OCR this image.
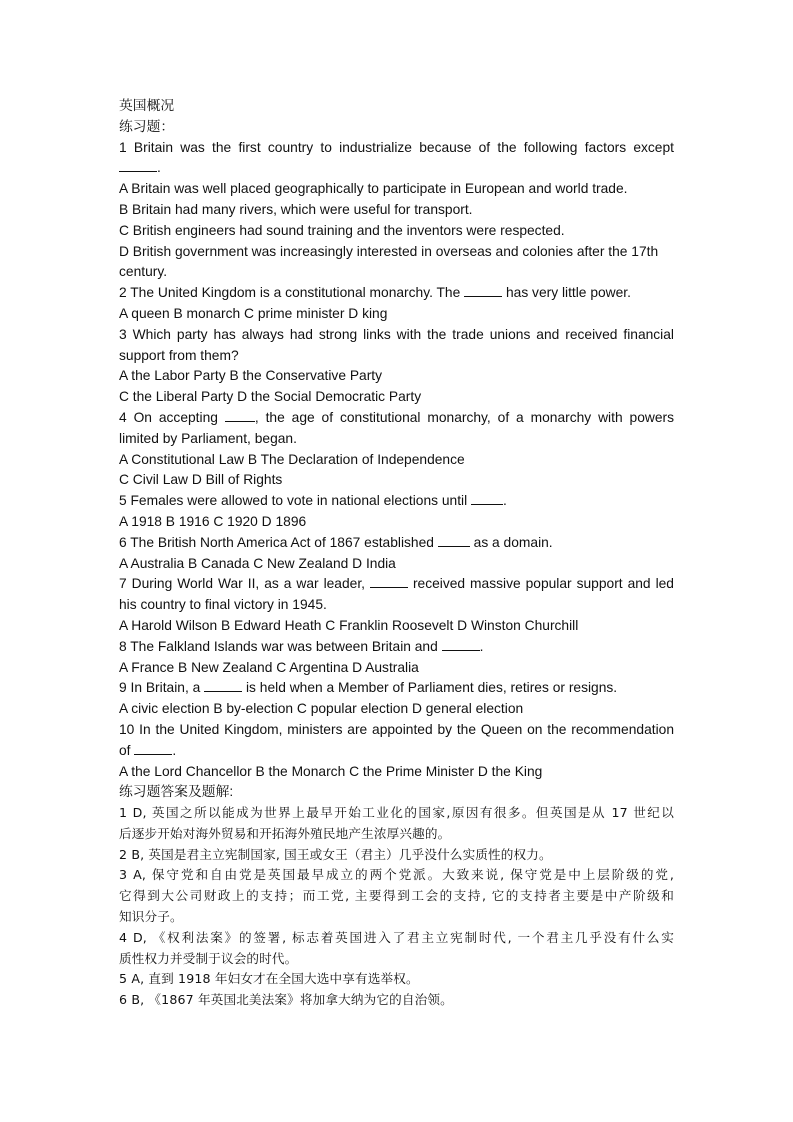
英国概况
练习题：
1 Britain was the first country to industrialize because of the following factors except
.
A Britain was well placed geographically to participate in European and world trade.
B Britain had many rivers, which were useful for transport.
C British engineers had sound training and the inventors were respected.
D British government was increasingly interested in overseas and colonies after the 17th
century.
2 The United Kingdom is a constitutional monarchy. The	has very little power.
A queen B monarch C prime minister D king
3 Which party has always had strong links with the trade unions and received financial
support from them?
A the Labor Party B the Conservative Party
C the Liberal Party D the Social Democratic Party
4 On accepting	, the age of constitutional monarchy, of a monarchy with powers
limited by Parliament, began.
A Constitutional Law B The Declaration of Independence
C Civil Law D Bill of Rights
5 Females were allowed to vote in national elections until	.
A 1918 B 1916 C 1920 D 1896
6 The British North America Act of 1867 established	as a domain.
A Australia B Canada C New Zealand D India
7 During World War II, as a war leader,	received massive popular support and led
his country to final victory in 1945.
A Harold Wilson B Edward Heath C Franklin Roosevelt D Winston Churchill
8 The Falkland Islands war was between Britain and	.
A France B New Zealand C Argentina D Australia
9 In Britain, a	is held when a Member of Parliament dies, retires or resigns.
A civic election B by-election C popular election D general election
10 In the United Kingdom, ministers are appointed by the Queen on the recommendation
of	.
A the Lord Chancellor B the Monarch C the Prime Minister D the King
练习题答案及题解:
1 D, 英国之所以能成为世界上最早开始工业化的国家,原因有很多。但英国是从 17 世纪以
后逐步开始对海外贸易和开拓海外殖民地产生浓厚兴趣的。
2 B, 英国是君主立宪制国家, 国王或女王（君主）几乎没什么实质性的权力。
3 A, 保守党和自由党是英国最早成立的两个党派。大致来说, 保守党是中上层阶级的党,
它得到大公司财政上的支持；而工党, 主要得到工会的支持, 它的支持者主要是中产阶级和
知识分子。
4 D, 《权利法案》的签署, 标志着英国进入了君主立宪制时代, 一个君主几乎没有什么实
质性权力并受制于议会的时代。
5 A, 直到 1918 年妇女才在全国大选中享有选举权。
6 B, 《1867 年英国北美法案》将加拿大纳为它的自治领。
